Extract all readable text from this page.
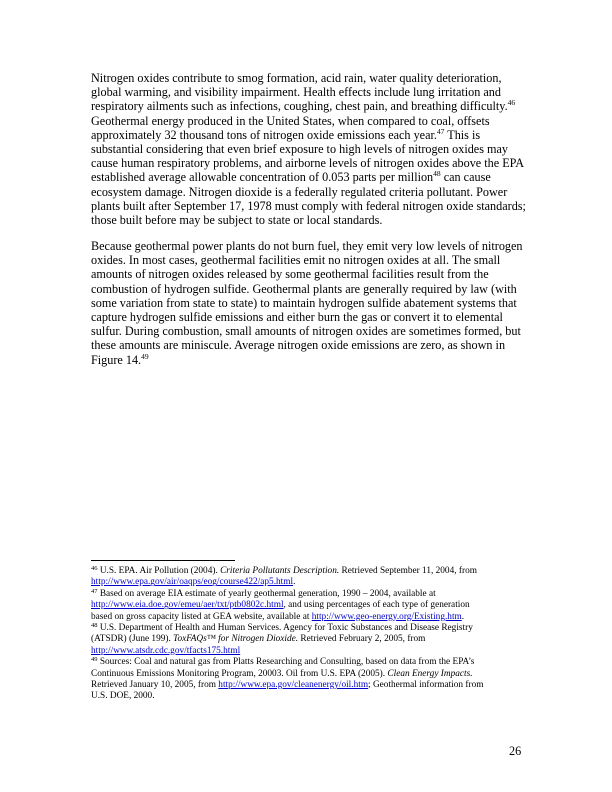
Nitrogen oxides contribute to smog formation, acid rain, water quality deterioration,
global warming, and visibility impairment. Health effects include lung irritation and
respiratory ailments such as infections, coughing, chest pain, and breathing difficulty.$^{46}$
Geothermal energy produced in the United States, when compared to coal, offsets
approximately 32 thousand tons of nitrogen oxide emissions each year.$^{47}$ This is
substantial considering that even brief exposure to high levels of nitrogen oxides may
cause human respiratory problems, and airborne levels of nitrogen oxides above the EPA
established average allowable concentration of 0.053 parts per million$^{48}$ can cause
ecosystem damage. Nitrogen dioxide is a federally regulated criteria pollutant. Power
plants built after September 17, 1978 must comply with federal nitrogen oxide standards;
those built before may be subject to state or local standards.
Because geothermal power plants do not burn fuel, they emit very low levels of nitrogen
oxides. In most cases, geothermal facilities emit no nitrogen oxides at all. The small
amounts of nitrogen oxides released by some geothermal facilities result from the
combustion of hydrogen sulfide. Geothermal plants are generally required by law (with
some variation from state to state) to maintain hydrogen sulfide abatement systems that
capture hydrogen sulfide emissions and either burn the gas or convert it to elemental
sulfur. During combustion, small amounts of nitrogen oxides are sometimes formed, but
these amounts are miniscule. Average nitrogen oxide emissions are zero, as shown in
Figure 14.49
$^{46}$ U.S. EPA. Air Pollution (2004). Criteria Pollutants Description. Retrieved September 11, 2004, from
http://www.epa.gov/air/oaqps/eog/course422/ap5.html.
$^{47}$ Based on average EIA estimate of yearly geothermal generation, 1990 – 2004, available at
http://www.eia.doe.gov/emeu/aer/txt/ptb0802c.html, and using percentages of each type of generation
based on gross capacity listed at GEA website, available at http://www.geo-energy.org/Existing.htm.
$^{48}$ U.S. Department of Health and Human Services. Agency for Toxic Substances and Disease Registry
(ATSDR) (June 199). ToxFAQs™ for Nitrogen Dioxide. Retrieved February 2, 2005, from
http://www.atsdr.cdc.gov/tfacts175.html
$^{49}$ Sources: Coal and natural gas from Platts Researching and Consulting, based on data from the EPA’s
Continuous Emissions Monitoring Program, 20003. Oil from U.S. EPA (2005). Clean Energy Impacts.
Retrieved January 10, 2005, from http://www.epa.gov/cleanenergy/oil.htm; Geothermal information from
U.S. DOE, 2000.
26
